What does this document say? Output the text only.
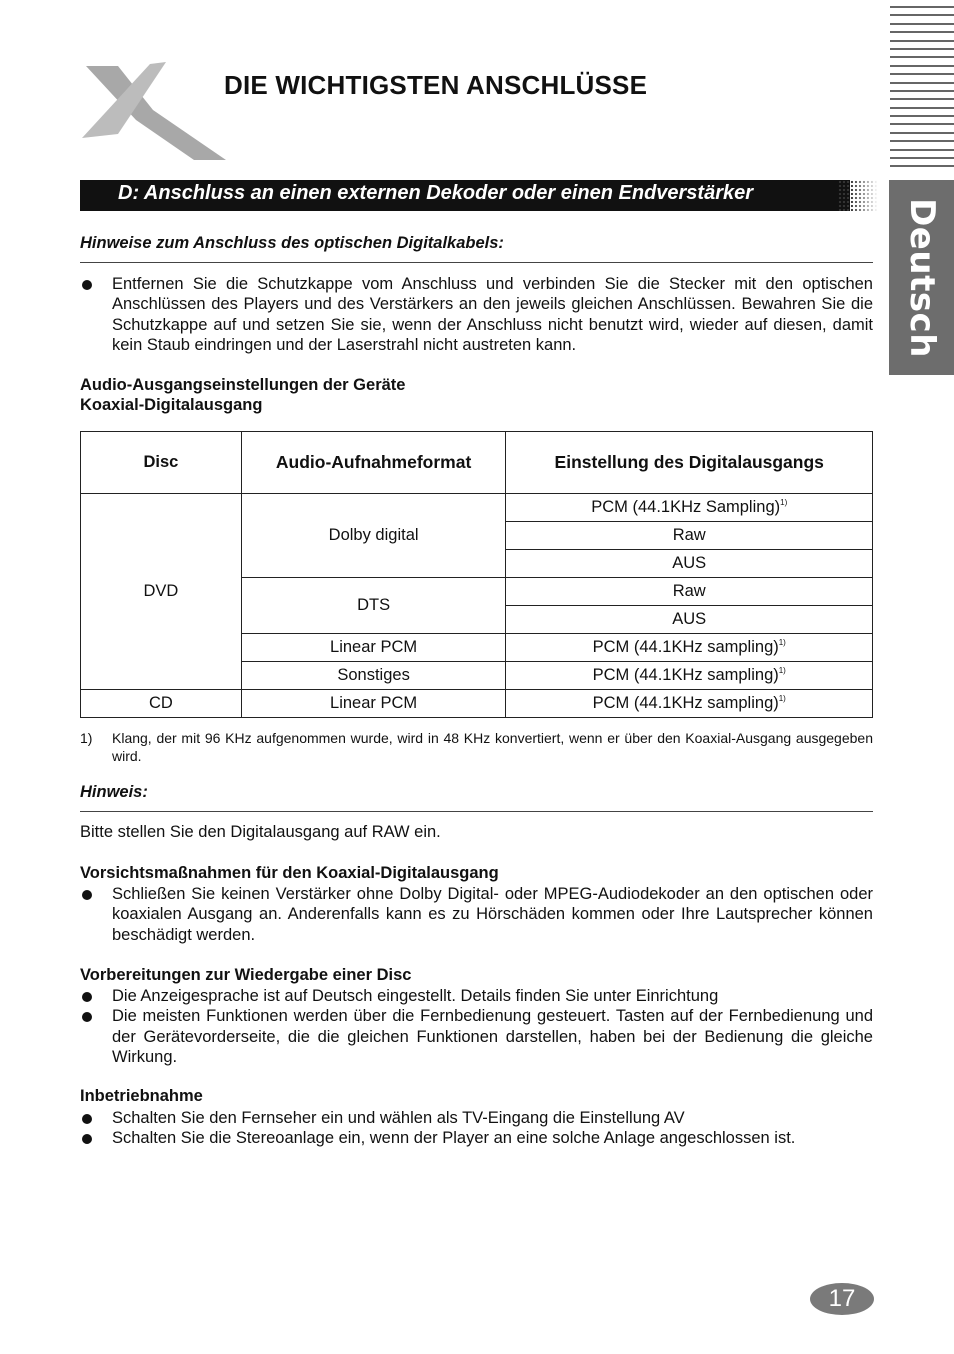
DIE WICHTIGSTEN ANSCHLÜSSE
Deutsch
D: Anschluss an einen externen Dekoder oder einen Endverstärker
Hinweise zum Anschluss des optischen Digitalkabels:
Entfernen Sie die Schutzkappe vom Anschluss und verbinden Sie die Stecker mit den optischen Anschlüssen des Players und des Verstärkers an den jeweils gleichen Anschlüssen. Bewahren Sie die Schutzkappe auf und setzen Sie sie, wenn der Anschluss nicht benutzt wird, wieder auf diesen, damit kein Staub eindringen und der Laserstrahl nicht austreten kann.
Audio-Ausgangseinstellungen der Geräte
Koaxial-Digitalausgang
Disc	Audio-Aufnahmeformat	Einstellung des Digitalausgangs
DVD	Dolby digital	PCM (44.1KHz Sampling)$^{1)}$
		Raw
		AUS
	DTS	Raw
		AUS
	Linear PCM	PCM (44.1KHz sampling)$^{1)}$
	Sonstiges	PCM (44.1KHz sampling)$^{1)}$
CD	Linear PCM	PCM (44.1KHz sampling)$^{1)}$
1) Klang, der mit 96 KHz aufgenommen wurde, wird in 48 KHz konvertiert, wenn er über den Koaxial-Ausgang ausgegeben wird.
Hinweis:
Bitte stellen Sie den Digitalausgang auf RAW ein.
Vorsichtsmaßnahmen für den Koaxial-Digitalausgang
Schließen Sie keinen Verstärker ohne Dolby Digital- oder MPEG-Audiodekoder an den optischen oder koaxialen Ausgang an. Anderenfalls kann es zu Hörschäden kommen oder Ihre Lautsprecher können beschädigt werden.
Vorbereitungen zur Wiedergabe einer Disc
Die Anzeigesprache ist auf Deutsch eingestellt. Details finden Sie unter Einrichtung
Die meisten Funktionen werden über die Fernbedienung gesteuert. Tasten auf der Fernbedienung und der Gerätevorderseite, die die gleichen Funktionen darstellen, haben bei der Bedienung die gleiche Wirkung.
Inbetriebnahme
Schalten Sie den Fernseher ein und wählen als TV-Eingang die Einstellung AV
Schalten Sie die Stereoanlage ein, wenn der Player an eine solche Anlage angeschlossen ist.
17
